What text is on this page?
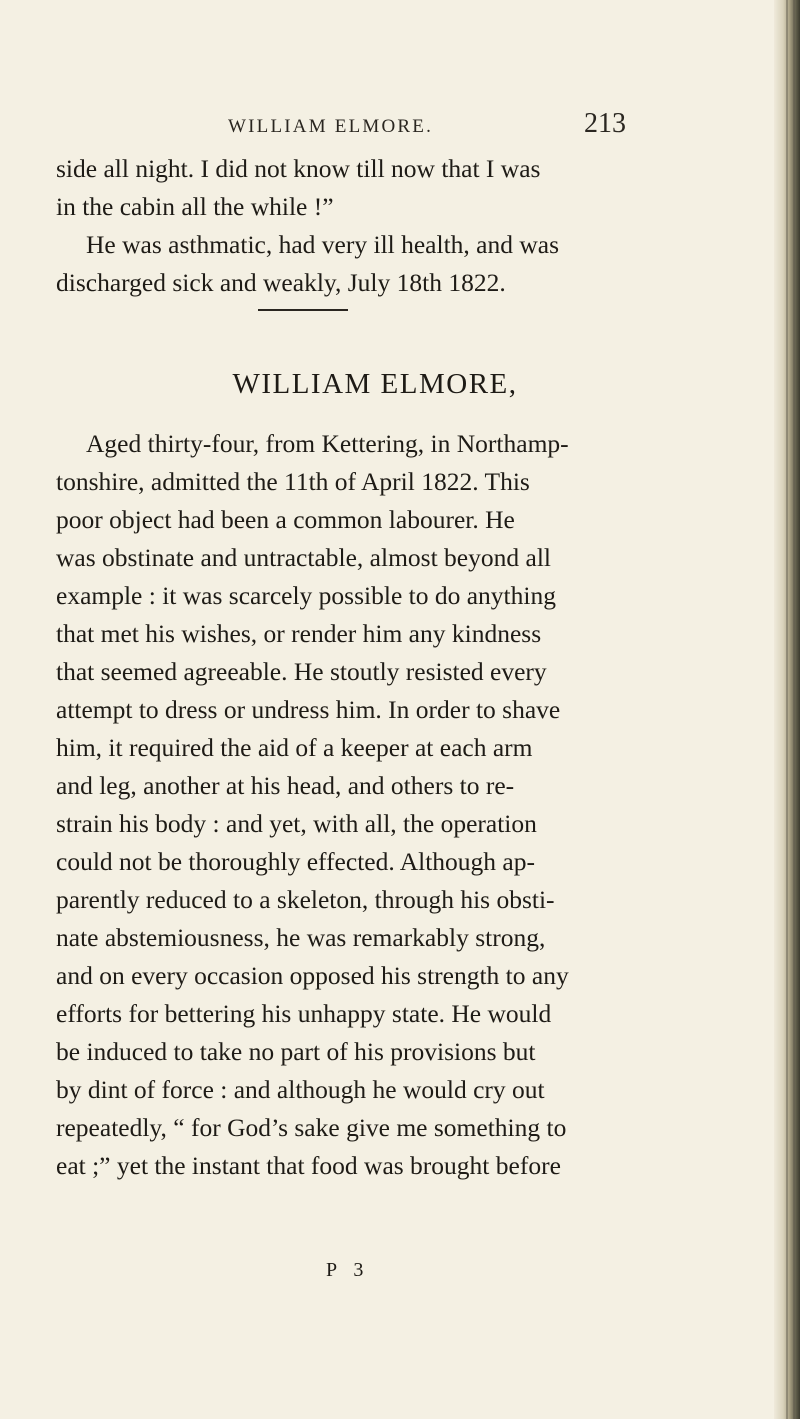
WILLIAM ELMORE.	213

side all night. I did not know till now that I was
in the cabin all the while !”
He was asthmatic, had very ill health, and was
discharged sick and weakly, July 18th 1822.

WILLIAM ELMORE,

Aged thirty-four, from Kettering, in Northamp-
tonshire, admitted the 11th of April 1822. This
poor object had been a common labourer. He
was obstinate and untractable, almost beyond all
example : it was scarcely possible to do anything
that met his wishes, or render him any kindness
that seemed agreeable. He stoutly resisted every
attempt to dress or undress him. In order to shave
him, it required the aid of a keeper at each arm
and leg, another at his head, and others to re-
strain his body : and yet, with all, the operation
could not be thoroughly effected. Although ap-
parently reduced to a skeleton, through his obsti-
nate abstemiousness, he was remarkably strong,
and on every occasion opposed his strength to any
efforts for bettering his unhappy state. He would
be induced to take no part of his provisions but
by dint of force : and although he would cry out
repeatedly, “ for God’s sake give me something to
eat ;” yet the instant that food was brought before

P 3
